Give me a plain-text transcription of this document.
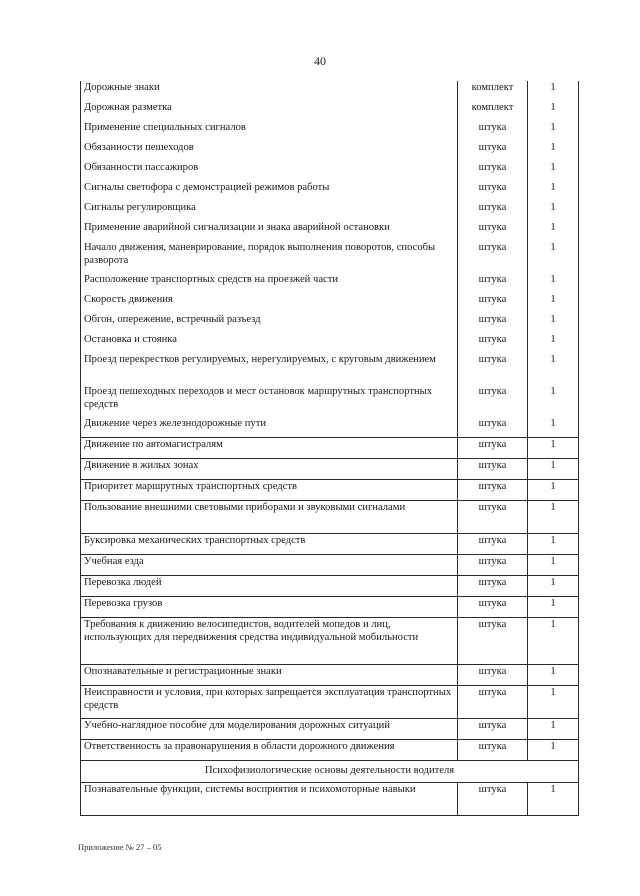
40
Дорожные знаки	комплект	1
Дорожная разметка	комплект	1
Применение специальных сигналов	штука	1
Обязанности пешеходов	штука	1
Обязанности пассажиров	штука	1
Сигналы светофора с демонстрацией режимов работы	штука	1
Сигналы регулировщика	штука	1
Применение аварийной сигнализации и знака аварийной остановки	штука	1
Начало движения, маневрирование, порядок выполнения поворотов, способы разворота	штука	1
Расположение транспортных средств на проезжей части	штука	1
Скорость движения	штука	1
Обгон, опережение, встречный разъезд	штука	1
Остановка и стоянка	штука	1
Проезд перекрестков регулируемых, нерегулируемых, с круговым движением	штука	1
Проезд пешеходных переходов и мест остановок маршрутных транспортных средств	штука	1
Движение через железнодорожные пути	штука	1
Движение по автомагистралям	штука	1
Движение в жилых зонах	штука	1
Приоритет маршрутных транспортных средств	штука	1
Пользование внешними световыми приборами и звуковыми сигналами	штука	1
Буксировка механических транспортных средств	штука	1
Учебная езда	штука	1
Перевозка людей	штука	1
Перевозка грузов	штука	1
Требования к движению велосипедистов, водителей мопедов и лиц, использующих для передвижения средства индивидуальной мобильности	штука	1
Опознавательные и регистрационные знаки	штука	1
Неисправности и условия, при которых запрещается эксплуатация транспортных средств	штука	1
Учебно-наглядное пособие для моделирования дорожных ситуаций	штука	1
Ответственность за правонарушения в области дорожного движения	штука	1
Психофизиологические основы деятельности водителя		
Познавательные функции, системы восприятия и психомоторные навыки	штука	1
Приложение № 27 – 05
